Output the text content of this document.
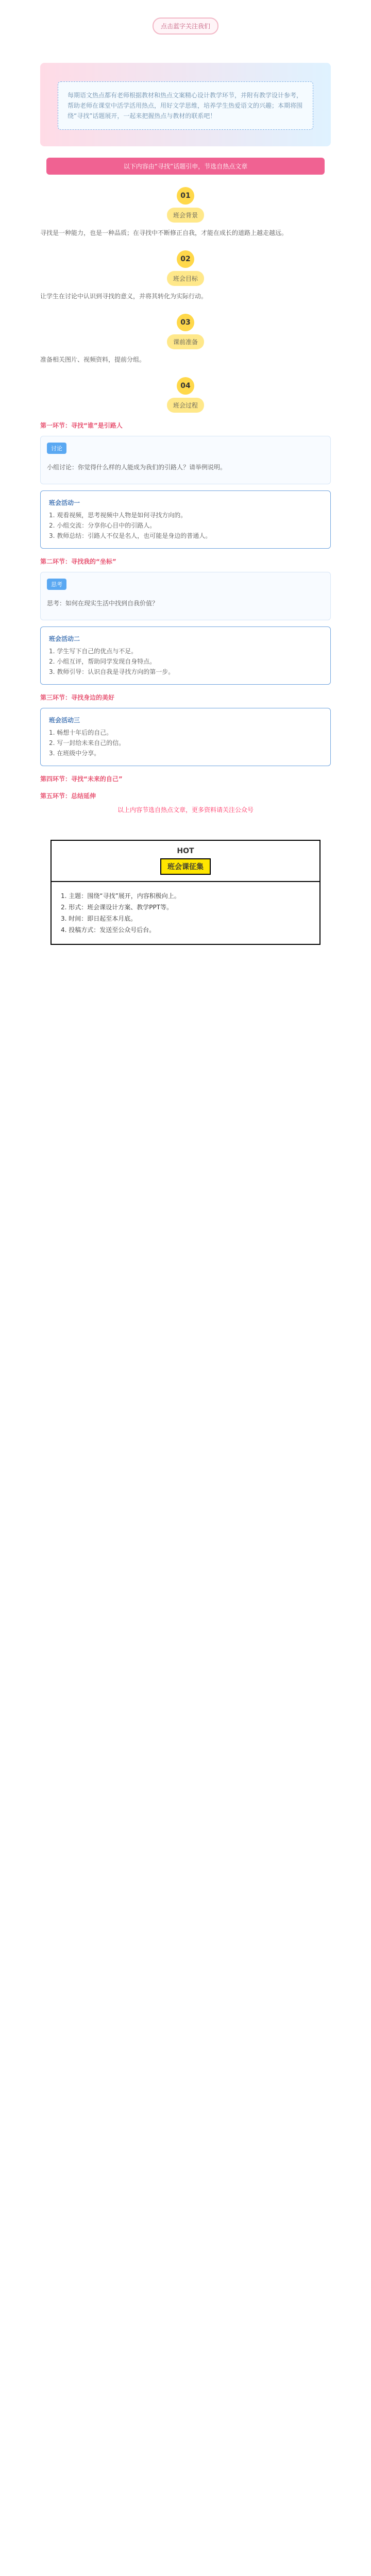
点击蓝字关注我们

每期语文热点都有老师根据教材和热点文案精心设计教学环节，并附有教学设计参考，帮助老师在课堂中活学活用热点，用好文学思维，培养学生热爱语文的兴趣；本期将围绕“寻找”话题展开，一起来把握热点与教材的联系吧！

以下内容由“寻找”话题引申，节选自热点文章
01
班会背景

寻找是一种能力，也是一种品质；在寻找中不断修正自我，才能在成长的道路上越走越远。

02
班会目标

让学生在讨论中认识到寻找的意义，并将其转化为实际行动。

03
课前准备

准备相关图片、视频资料，提前分组。

04
班会过程
第一环节：寻找“谁”是引路人
讨论
小组讨论：你觉得什么样的人能成为我们的引路人？请举例说明。
班会活动一
1. 观看视频，思考视频中人物是如何寻找方向的。
2. 小组交流：分享你心目中的引路人。
3. 教师总结：引路人不仅是名人，也可能是身边的普通人。
第二环节：寻找我的“坐标”
思考
思考：如何在现实生活中找到自我价值？
班会活动二
1. 学生写下自己的优点与不足。
2. 小组互评，帮助同学发现自身特点。
3. 教师引导：认识自我是寻找方向的第一步。
第三环节：寻找身边的美好
班会活动三
1. 畅想十年后的自己。
2. 写一封给未来自己的信。
3. 在班级中分享。
第四环节：寻找“未来的自己”
第五环节：总结延伸
以上内容节选自热点文章，更多资料请关注公众号
HOT
班会课征集
1. 主题：围绕“寻找”展开，内容积极向上。
2. 形式：班会课设计方案、教学PPT等。
3. 时间：即日起至本月底。
4. 投稿方式：发送至公众号后台。
